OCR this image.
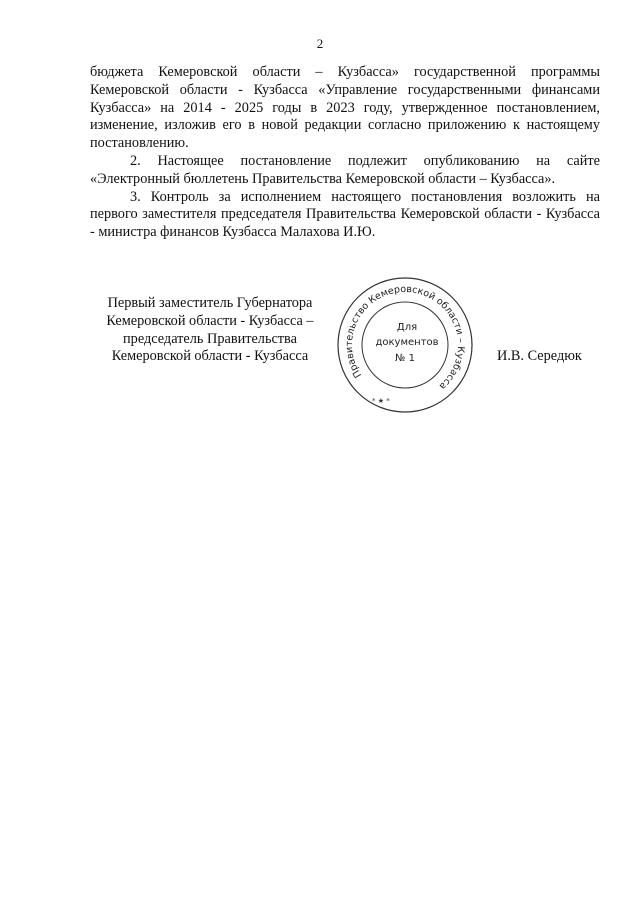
2

бюджета Кемеровской области – Кузбасса» государственной программы Кемеровской области - Кузбасса «Управление государственными финансами Кузбасса» на 2014 - 2025 годы в 2023 году, утвержденное постановлением, изменение, изложив его в новой редакции согласно приложению к настоящему постановлению.

2. Настоящее постановление подлежит опубликованию на сайте «Электронный бюллетень Правительства Кемеровской области – Кузбасса».

3. Контроль за исполнением настоящего постановления возложить на первого заместителя председателя Правительства Кемеровской области - Кузбасса - министра финансов Кузбасса Малахова И.Ю.

Первый заместитель Губернатора
Кемеровской области - Кузбасса –
председатель Правительства
Кемеровской области - Кузбасса
Правительство Кемеровской области – Кузбасса
* ★ *
Для
документов
№ 1	И.В. Середюк
